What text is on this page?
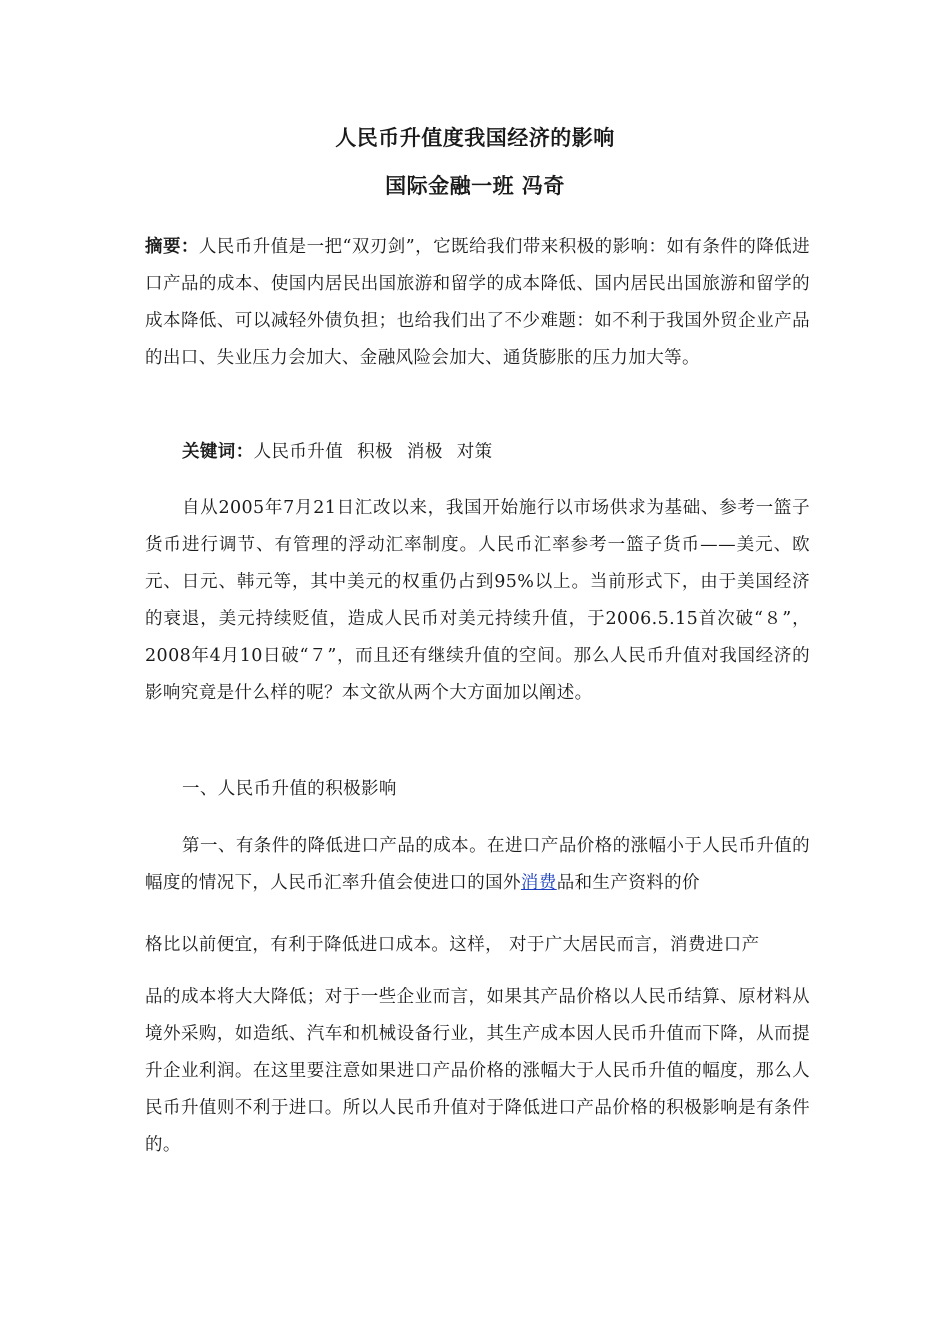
人民币升值度我国经济的影响
国际金融一班 冯奇
摘要：人民币升值是一把“双刃剑”，它既给我们带来积极的影响：如有条件的降低进口产品的成本、使国内居民出国旅游和留学的成本降低、国内居民出国旅游和留学的成本降低、可以减轻外债负担；也给我们出了不少难题：如不利于我国外贸企业产品的出口、失业压力会加大、金融风险会加大、通货膨胀的压力加大等。
关键词：人民币升值 积极 消极 对策
自从2005年7月21日汇改以来，我国开始施行以市场供求为基础、参考一篮子货币进行调节、有管理的浮动汇率制度。人民币汇率参考一篮子货币——美元、欧元、日元、韩元等，其中美元的权重仍占到95%以上。当前形式下，由于美国经济的衰退，美元持续贬值，造成人民币对美元持续升值，于2006.5.15首次破“８”，2008年4月10日破“７”，而且还有继续升值的空间。那么人民币升值对我国经济的影响究竟是什么样的呢？本文欲从两个大方面加以阐述。
一、人民币升值的积极影响
第一、有条件的降低进口产品的成本。在进口产品价格的涨幅小于人民币升值的幅度的情况下，人民币汇率升值会使进口的国外消费品和生产资料的价
格比以前便宜，有利于降低进口成本。这样， 对于广大居民而言，消费进口产
品的成本将大大降低；对于一些企业而言，如果其产品价格以人民币结算、原材料从境外采购，如造纸、汽车和机械设备行业，其生产成本因人民币升值而下降，从而提升企业利润。在这里要注意如果进口产品价格的涨幅大于人民币升值的幅度，那么人民币升值则不利于进口。所以人民币升值对于降低进口产品价格的积极影响是有条件的。
